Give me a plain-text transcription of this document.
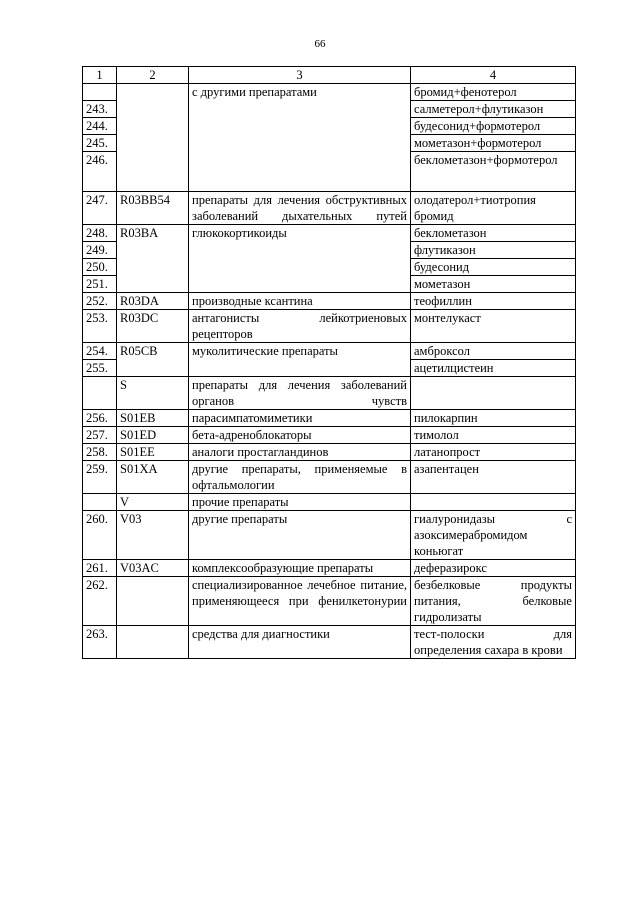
66
1	2	3	4
		с другими препаратами	бромид+фенотерол
243.			салметерол+флутиказон
244.			будесонид+формотерол
245.			мометазон+формотерол
246.			беклометазон+формотерол
247.	R03BB54	препараты для лечения обструктивных заболеваний дыхательных путей	олодатерол+тиотропия бромид
248.	R03BA	глюкокортикоиды	беклометазон
249.			флутиказон
250.			будесонид
251.			мометазон
252.	R03DA	производные ксантина	теофиллин
253.	R03DC	антагонисты лейкотриеновых рецепторов	монтелукаст
254.	R05CB	муколитические препараты	амброксол
255.			ацетилцистеин
	S	препараты для лечения заболеваний органов чувств	
256.	S01EB	парасимпатомиметики	пилокарпин
257.	S01ED	бета-адреноблокаторы	тимолол
258.	S01EE	аналоги простагландинов	латанопрост
259.	S01XA	другие препараты, применяемые в офтальмологии	азапентацен
	V	прочие препараты	
260.	V03	другие препараты	гиалуронидазы с азоксимерабромидом коньюгат
261.	V03AC	комплексообразующие препараты	деферазирокс
262.		специализированное лечебное питание, применяющееся при фенилкетонурии	безбелковые продукты питания, белковые гидролизаты
263.		средства для диагностики	тест-полоски для определения сахара в крови
